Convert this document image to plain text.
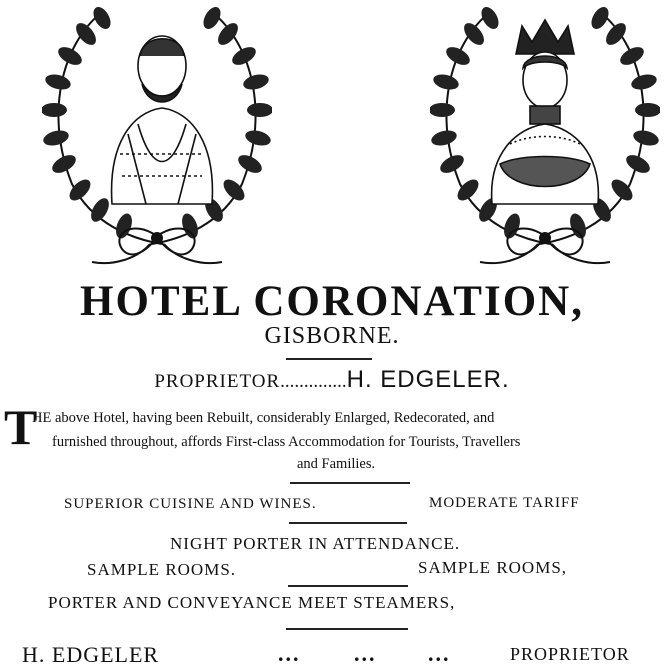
HOTEL CORONATION,
GISBORNE.
PROPRIETOR..............H. EDGELER.
T
HE above Hotel, having been Rebuilt, considerably Enlarged, Redecorated, and
furnished throughout, affords First-class Accommodation for Tourists, Travellers
and Families.
SUPERIOR CUISINE AND WINES.	MODERATE TARIFF
NIGHT PORTER IN ATTENDANCE.
SAMPLE ROOMS.	SAMPLE ROOMS,
PORTER AND CONVEYANCE MEET STEAMERS,
H. EDGELER	... ... ...	PROPRIETOR
